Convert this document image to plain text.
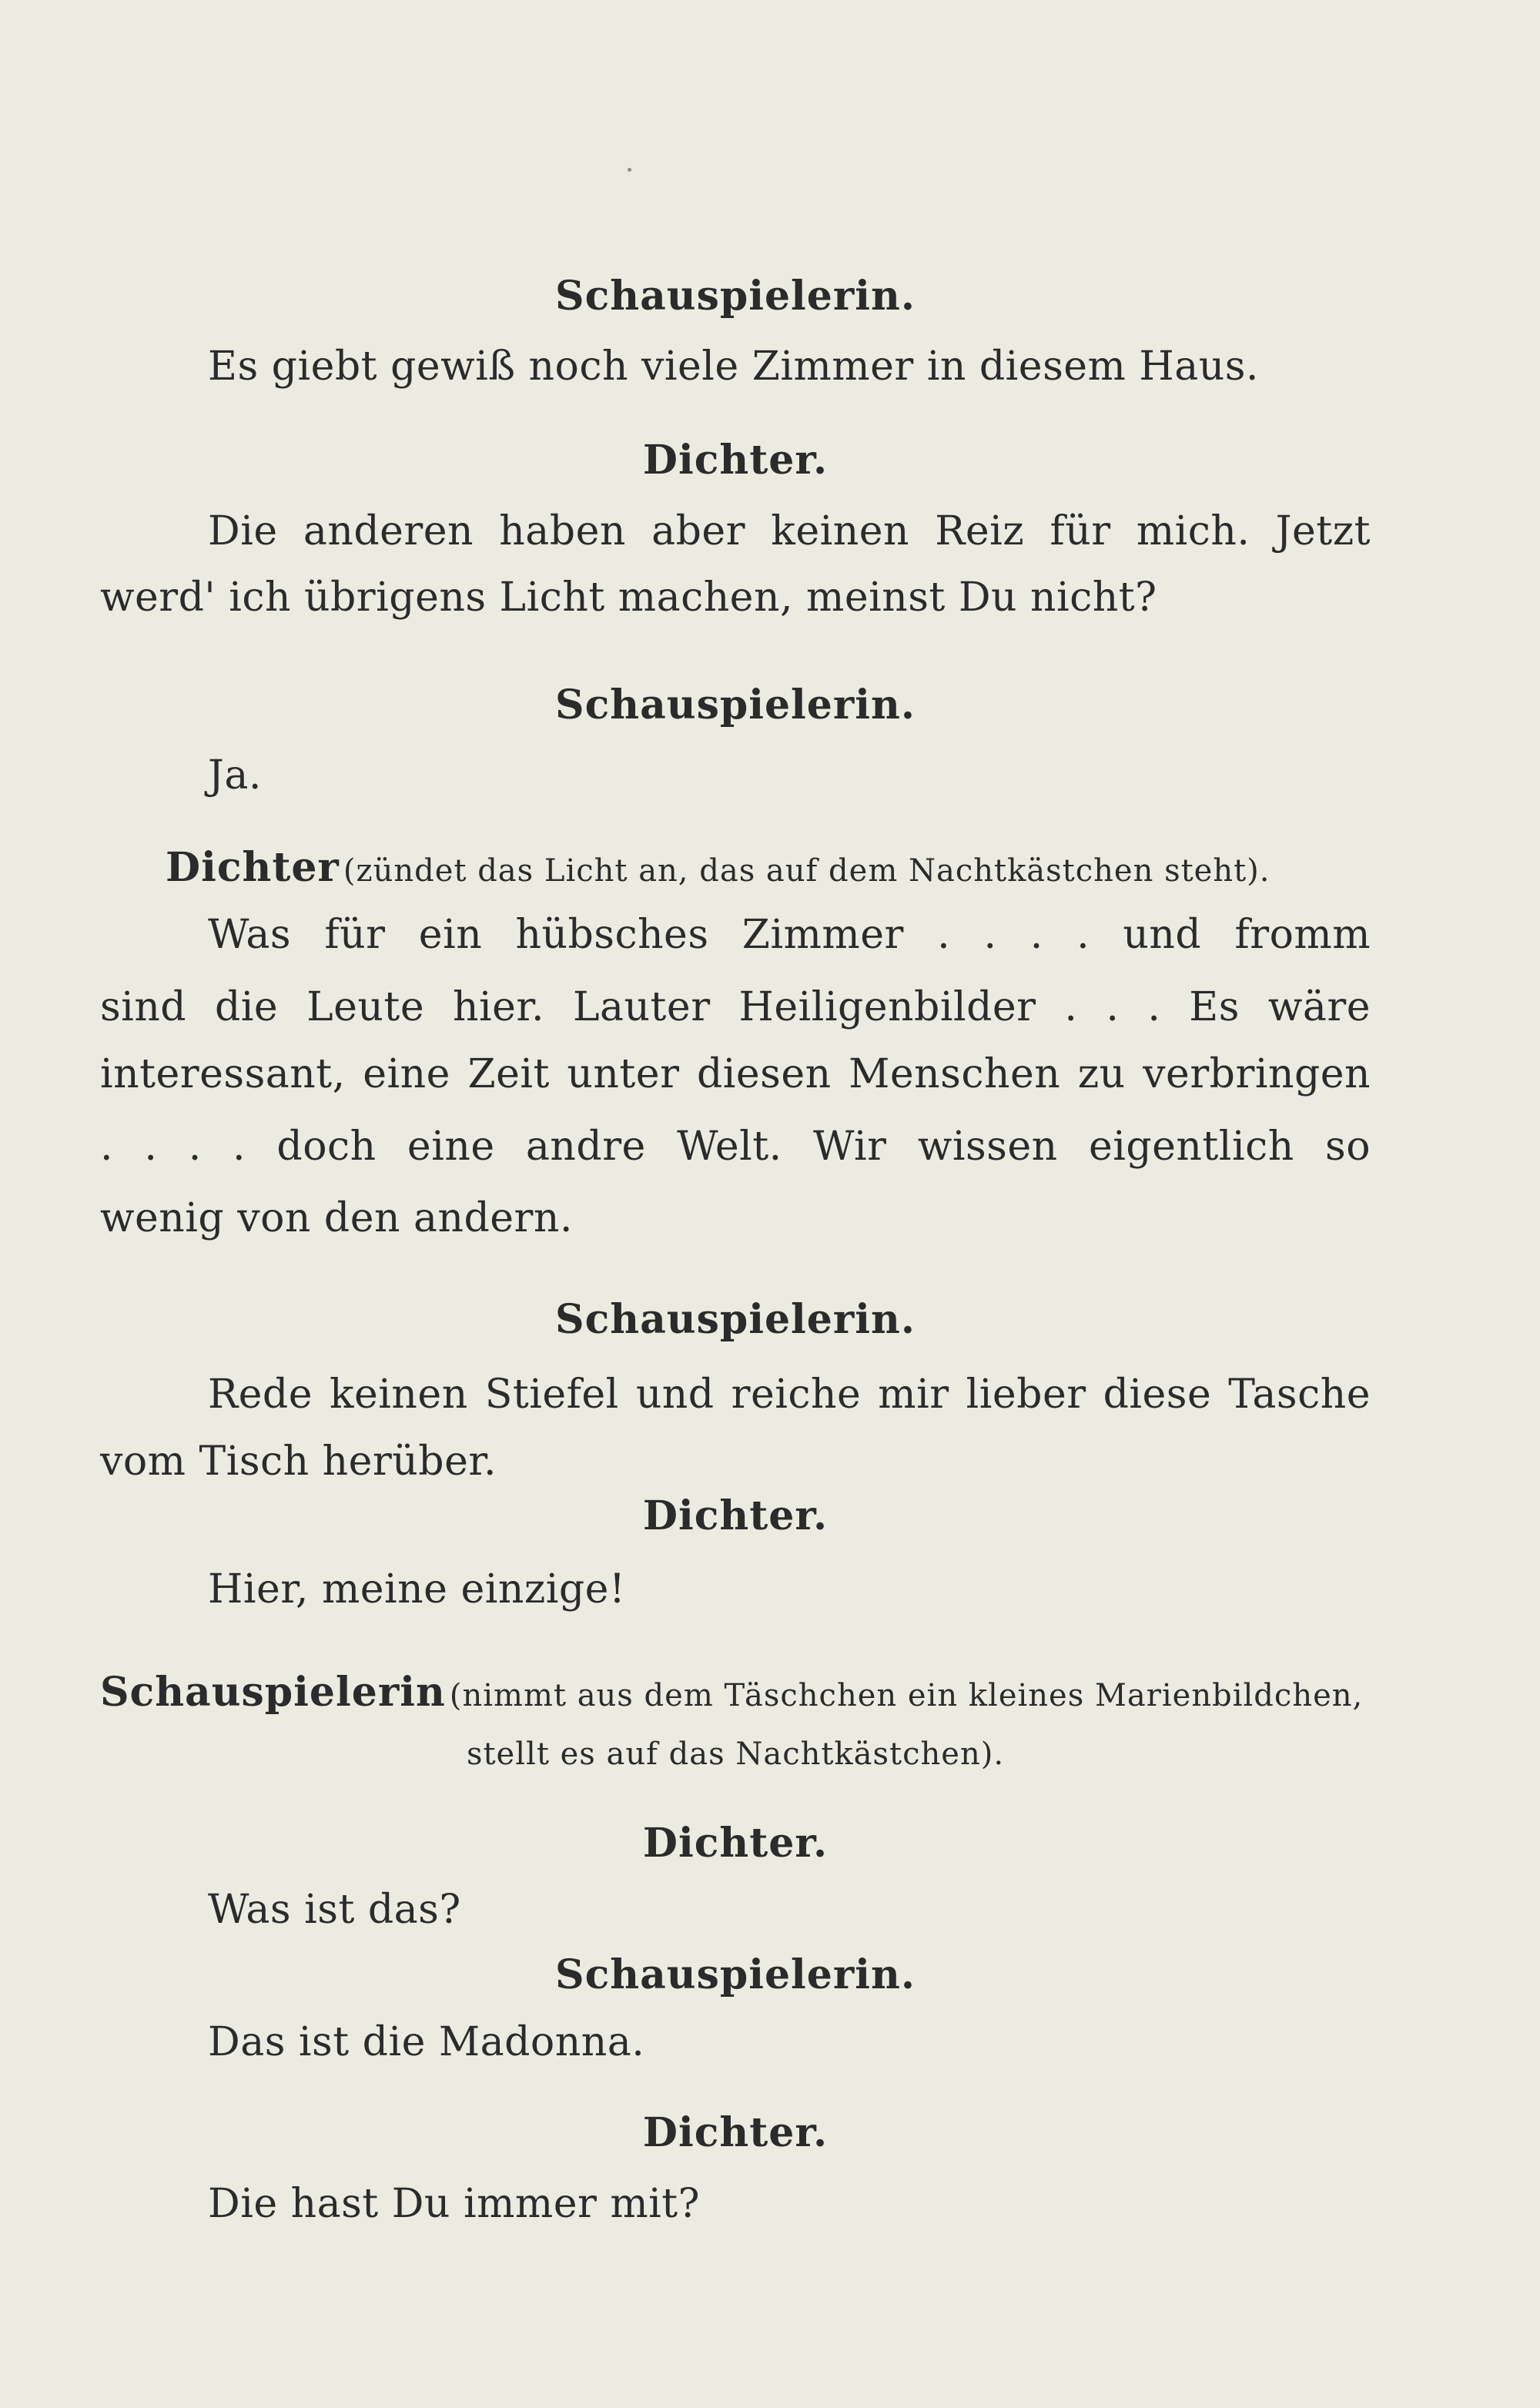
Schauspielerin.
Es giebt gewiß noch viele Zimmer in diesem Haus.
Dichter.
Die anderen haben aber keinen Reiz für mich. Jetzt
werd' ich übrigens Licht machen, meinst Du nicht?
Schauspielerin.
Ja.
Dichter (zündet das Licht an, das auf dem Nachtkästchen steht).
Was für ein hübsches Zimmer . . . . und fromm
sind die Leute hier. Lauter Heiligenbilder . . . Es wäre
interessant, eine Zeit unter diesen Menschen zu verbringen
. . . . doch eine andre Welt. Wir wissen eigentlich so
wenig von den andern.
Schauspielerin.
Rede keinen Stiefel und reiche mir lieber diese Tasche
vom Tisch herüber.
Dichter.
Hier, meine einzige!
Schauspielerin (nimmt aus dem Täschchen ein kleines Marienbildchen,
stellt es auf das Nachtkästchen).
Dichter.
Was ist das?
Schauspielerin.
Das ist die Madonna.
Dichter.
Die hast Du immer mit?
